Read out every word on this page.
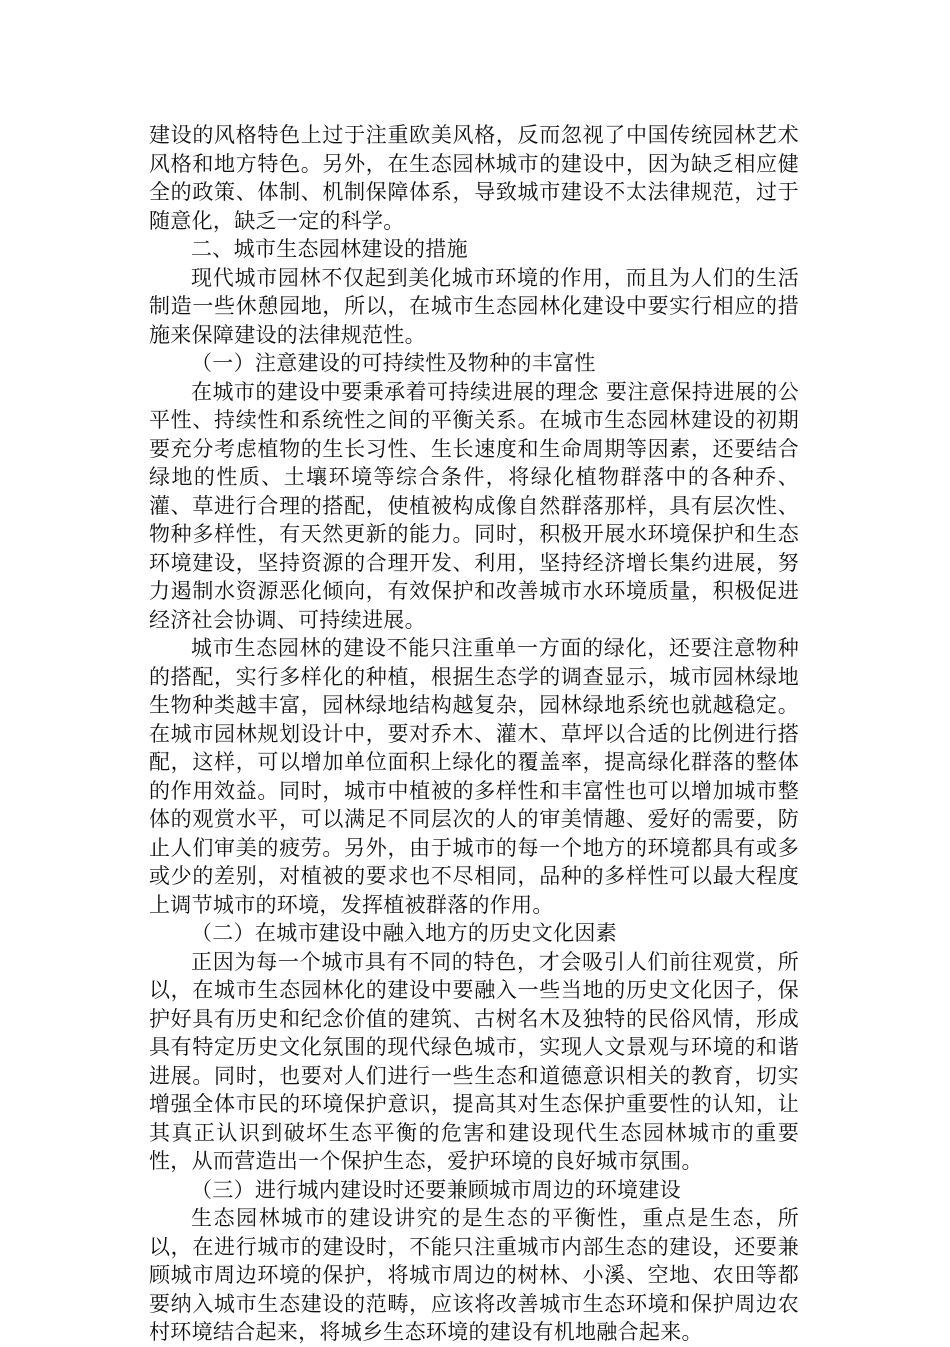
建设的风格特色上过于注重欧美风格，反而忽视了中国传统园林艺术风格和地方特色。另外，在生态园林城市的建设中，因为缺乏相应健全的政策、体制、机制保障体系，导致城市建设不太法律规范，过于随意化，缺乏一定的科学。

二、城市生态园林建设的措施

现代城市园林不仅起到美化城市环境的作用，而且为人们的生活制造一些休憩园地，所以，在城市生态园林化建设中要实行相应的措施来保障建设的法律规范性。

（一）注意建设的可持续性及物种的丰富性

在城市的建设中要秉承着可持续进展的理念 要注意保持进展的公平性、持续性和系统性之间的平衡关系。在城市生态园林建设的初期要充分考虑植物的生长习性、生长速度和生命周期等因素，还要结合绿地的性质、土壤环境等综合条件，将绿化植物群落中的各种乔、灌、草进行合理的搭配，使植被构成像自然群落那样，具有层次性、物种多样性，有天然更新的能力。同时，积极开展水环境保护和生态环境建设，坚持资源的合理开发、利用，坚持经济增长集约进展，努力遏制水资源恶化倾向，有效保护和改善城市水环境质量，积极促进经济社会协调、可持续进展。

城市生态园林的建设不能只注重单一方面的绿化，还要注意物种的搭配，实行多样化的种植，根据生态学的调查显示，城市园林绿地生物种类越丰富，园林绿地结构越复杂，园林绿地系统也就越稳定。在城市园林规划设计中，要对乔木、灌木、草坪以合适的比例进行搭配，这样，可以增加单位面积上绿化的覆盖率，提高绿化群落的整体的作用效益。同时，城市中植被的多样性和丰富性也可以增加城市整体的观赏水平，可以满足不同层次的人的审美情趣、爱好的需要，防止人们审美的疲劳。另外，由于城市的每一个地方的环境都具有或多或少的差别，对植被的要求也不尽相同，品种的多样性可以最大程度上调节城市的环境，发挥植被群落的作用。

（二）在城市建设中融入地方的历史文化因素

正因为每一个城市具有不同的特色，才会吸引人们前往观赏，所以，在城市生态园林化的建设中要融入一些当地的历史文化因子，保护好具有历史和纪念价值的建筑、古树名木及独特的民俗风情，形成具有特定历史文化氛围的现代绿色城市，实现人文景观与环境的和谐进展。同时，也要对人们进行一些生态和道德意识相关的教育，切实增强全体市民的环境保护意识，提高其对生态保护重要性的认知，让其真正认识到破坏生态平衡的危害和建设现代生态园林城市的重要性，从而营造出一个保护生态，爱护环境的良好城市氛围。

（三）进行城内建设时还要兼顾城市周边的环境建设

生态园林城市的建设讲究的是生态的平衡性，重点是生态，所以，在进行城市的建设时，不能只注重城市内部生态的建设，还要兼顾城市周边环境的保护，将城市周边的树林、小溪、空地、农田等都要纳入城市生态建设的范畴，应该将改善城市生态环境和保护周边农村环境结合起来，将城乡生态环境的建设有机地融合起来。
